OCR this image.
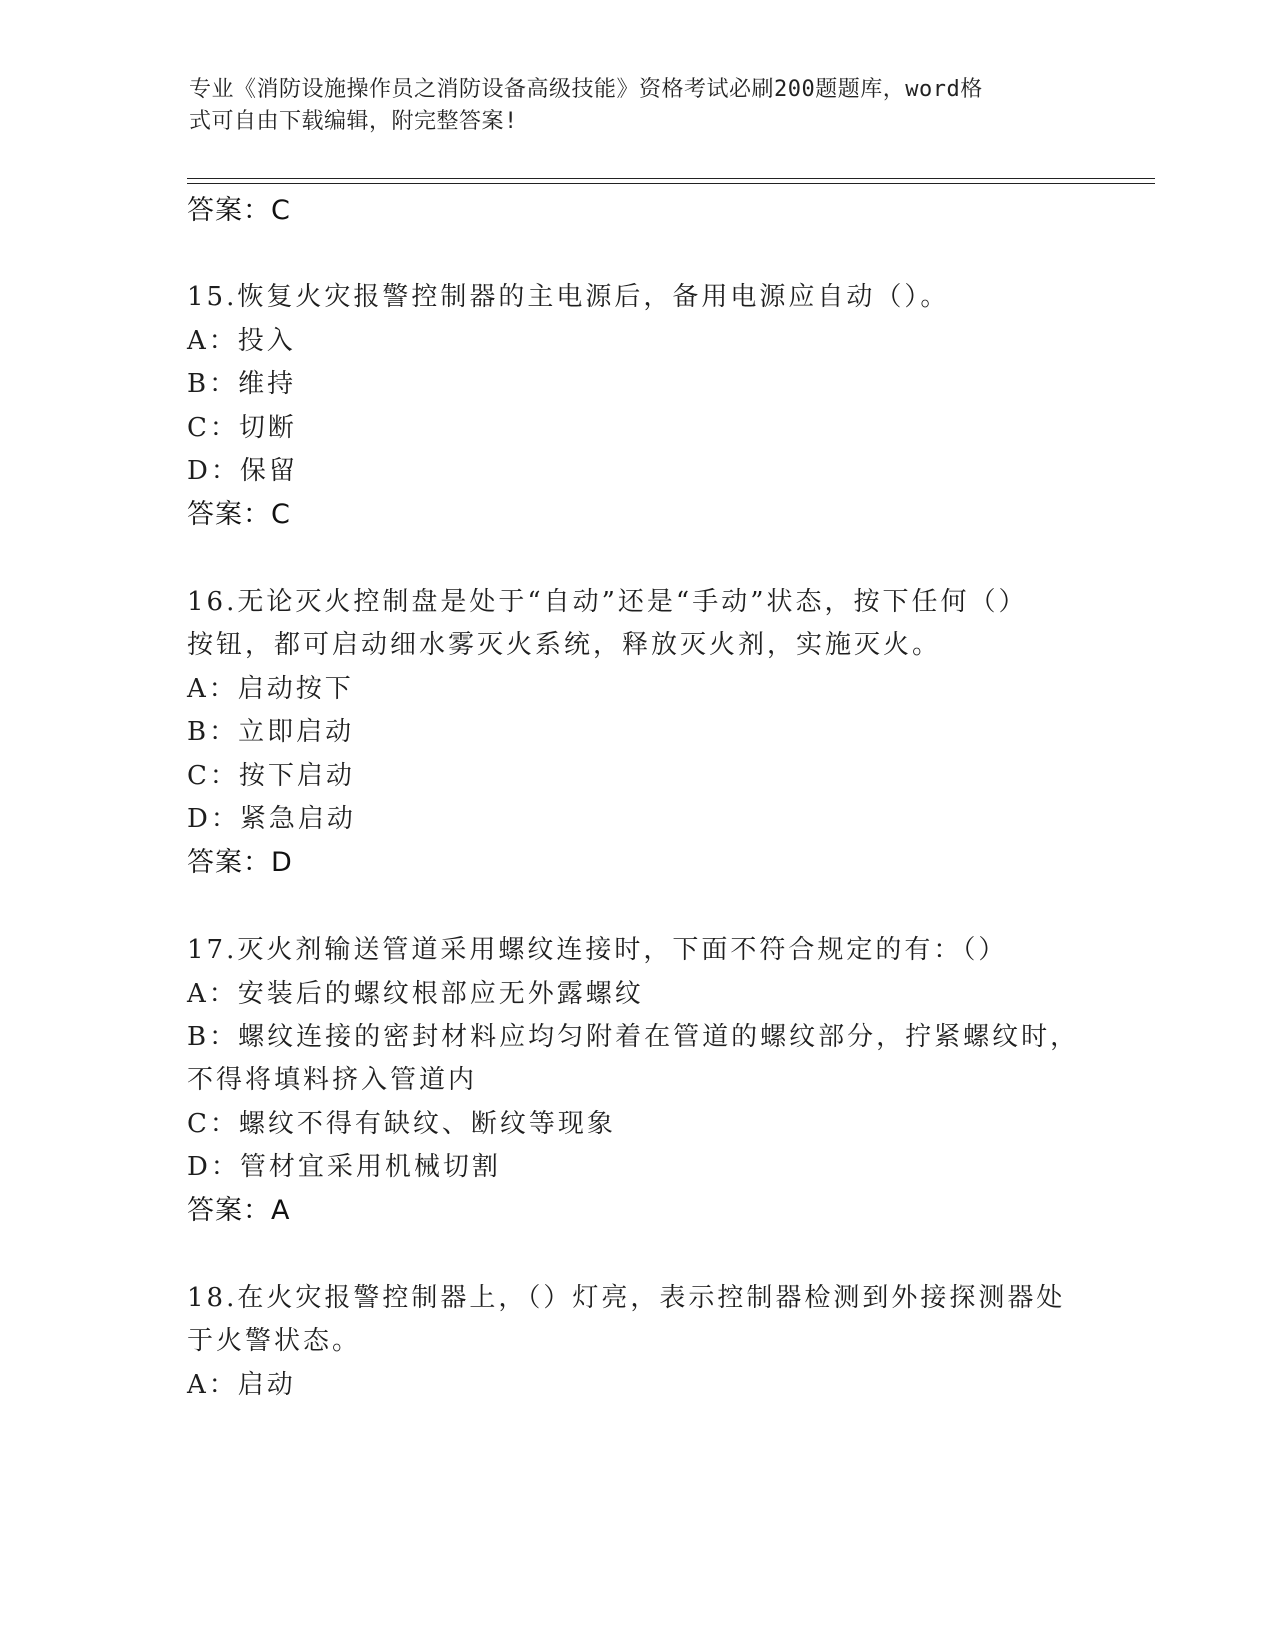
专业《消防设施操作员之消防设备高级技能》资格考试必刷200题题库，word格
式可自由下载编辑，附完整答案!
答案：C
15.恢复火灾报警控制器的主电源后，备用电源应自动（）。
A：投入
B：维持
C：切断
D：保留
答案：C
16.无论灭火控制盘是处于“自动”还是“手动”状态，按下任何（）
按钮，都可启动细水雾灭火系统，释放灭火剂，实施灭火。
A：启动按下
B：立即启动
C：按下启动
D：紧急启动
答案：D
17.灭火剂输送管道采用螺纹连接时，下面不符合规定的有：（）
A：安装后的螺纹根部应无外露螺纹
B：螺纹连接的密封材料应均匀附着在管道的螺纹部分，拧紧螺纹时，
不得将填料挤入管道内
C：螺纹不得有缺纹、断纹等现象
D：管材宜采用机械切割
答案：A
18.在火灾报警控制器上，（）灯亮，表示控制器检测到外接探测器处
于火警状态。
A：启动
